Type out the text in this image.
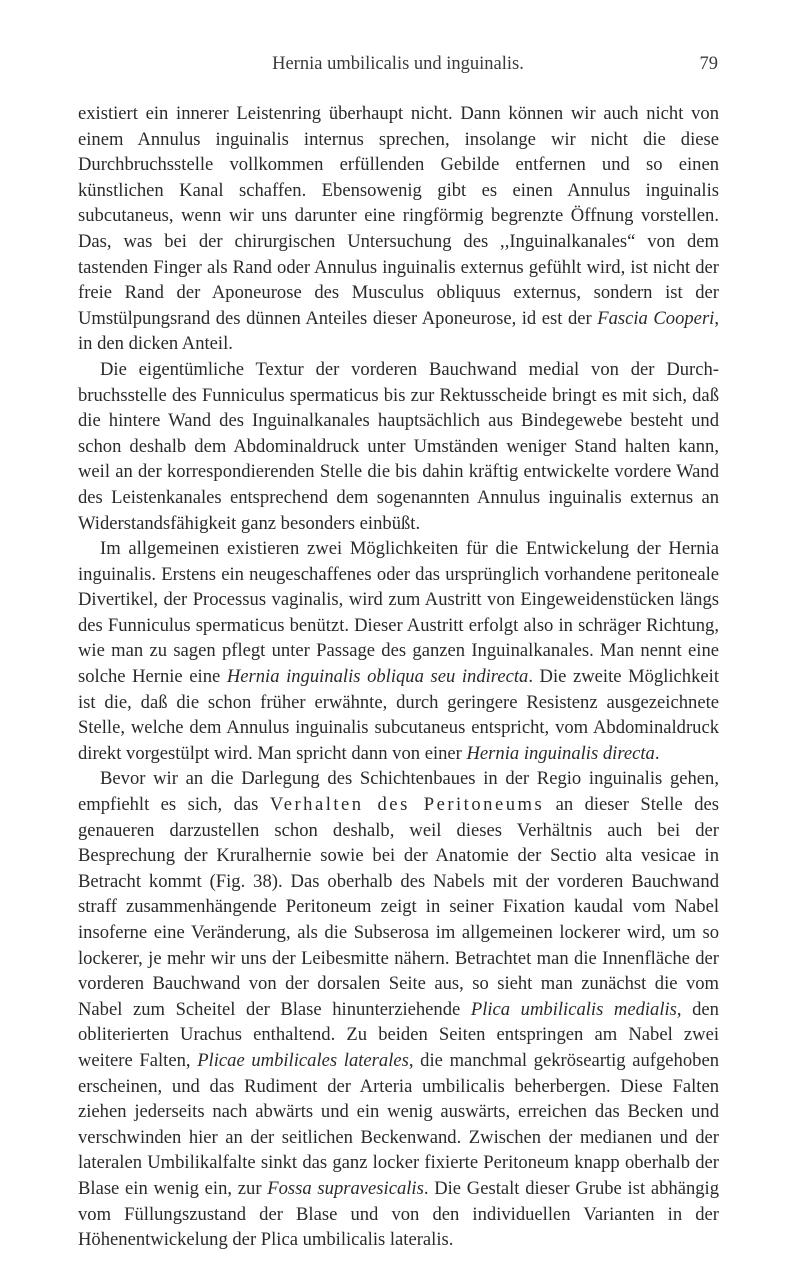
Hernia umbilicalis und inguinalis.	79

existiert ein innerer Leistenring überhaupt nicht. Dann können wir auch nicht von einem Annulus inguinalis internus sprechen, insolange wir nicht die diese Durchbruchsstelle vollkommen erfüllenden Gebilde entfernen und so einen künstlichen Kanal schaffen. Ebensowenig gibt es einen Annulus inguinalis subcutaneus, wenn wir uns darunter eine ringförmig begrenzte Öffnung vorstellen. Das, was bei der chirurgischen Untersuchung des ,,Inguinalkanales“ von dem tastenden Finger als Rand oder Annulus inguinalis externus gefühlt wird, ist nicht der freie Rand der Aponeurose des Musculus obliquus externus, sondern ist der Umstülpungsrand des dünnen Anteiles dieser Aponeurose, id est der Fascia Cooperi, in den dicken Anteil.

Die eigentümliche Textur der vorderen Bauchwand medial von der Durchbruchsstelle des Funniculus spermaticus bis zur Rektusscheide bringt es mit sich, daß die hintere Wand des Inguinalkanales hauptsächlich aus Bindegewebe besteht und schon deshalb dem Abdominaldruck unter Umständen weniger Stand halten kann, weil an der korrespondierenden Stelle die bis dahin kräftig entwickelte vordere Wand des Leistenkanales entsprechend dem sogenannten Annulus inguinalis externus an Widerstandsfähigkeit ganz besonders einbüßt.

Im allgemeinen existieren zwei Möglichkeiten für die Entwickelung der Hernia inguinalis. Erstens ein neugeschaffenes oder das ursprünglich vorhandene peritoneale Divertikel, der Processus vaginalis, wird zum Austritt von Eingeweidenstücken längs des Funniculus spermaticus benützt. Dieser Austritt erfolgt also in schräger Richtung, wie man zu sagen pflegt unter Passage des ganzen Inguinalkanales. Man nennt eine solche Hernie eine Hernia inguinalis obliqua seu indirecta. Die zweite Möglichkeit ist die, daß die schon früher erwähnte, durch geringere Resistenz ausgezeichnete Stelle, welche dem Annulus inguinalis subcutaneus entspricht, vom Abdominaldruck direkt vorgestülpt wird. Man spricht dann von einer Hernia inguinalis directa.

Bevor wir an die Darlegung des Schichtenbaues in der Regio inguinalis gehen, empfiehlt es sich, das Verhalten des Peritoneums an dieser Stelle des genaueren darzustellen schon deshalb, weil dieses Verhältnis auch bei der Besprechung der Kruralhernie sowie bei der Anatomie der Sectio alta vesicae in Betracht kommt (Fig. 38). Das oberhalb des Nabels mit der vorderen Bauchwand straff zusammenhängende Peritoneum zeigt in seiner Fixation kaudal vom Nabel insoferne eine Veränderung, als die Subserosa im allgemeinen lockerer wird, um so lockerer, je mehr wir uns der Leibesmitte nähern. Betrachtet man die Innenfläche der vorderen Bauchwand von der dorsalen Seite aus, so sieht man zunächst die vom Nabel zum Scheitel der Blase hinunterziehende Plica umbilicalis medialis, den obliterierten Urachus enthaltend. Zu beiden Seiten entspringen am Nabel zwei weitere Falten, Plicae umbilicales laterales, die manchmal gekröseartig aufgehoben erscheinen, und das Rudiment der Arteria umbilicalis beherbergen. Diese Falten ziehen jederseits nach abwärts und ein wenig auswärts, erreichen das Becken und verschwinden hier an der seitlichen Beckenwand. Zwischen der medianen und der lateralen Umbilikalfalte sinkt das ganz locker fixierte Peritoneum knapp oberhalb der Blase ein wenig ein, zur Fossa supravesicalis. Die Gestalt dieser Grube ist abhängig vom Füllungszustand der Blase und von den individuellen Varianten in der Höhenentwickelung der Plica umbilicalis lateralis.
